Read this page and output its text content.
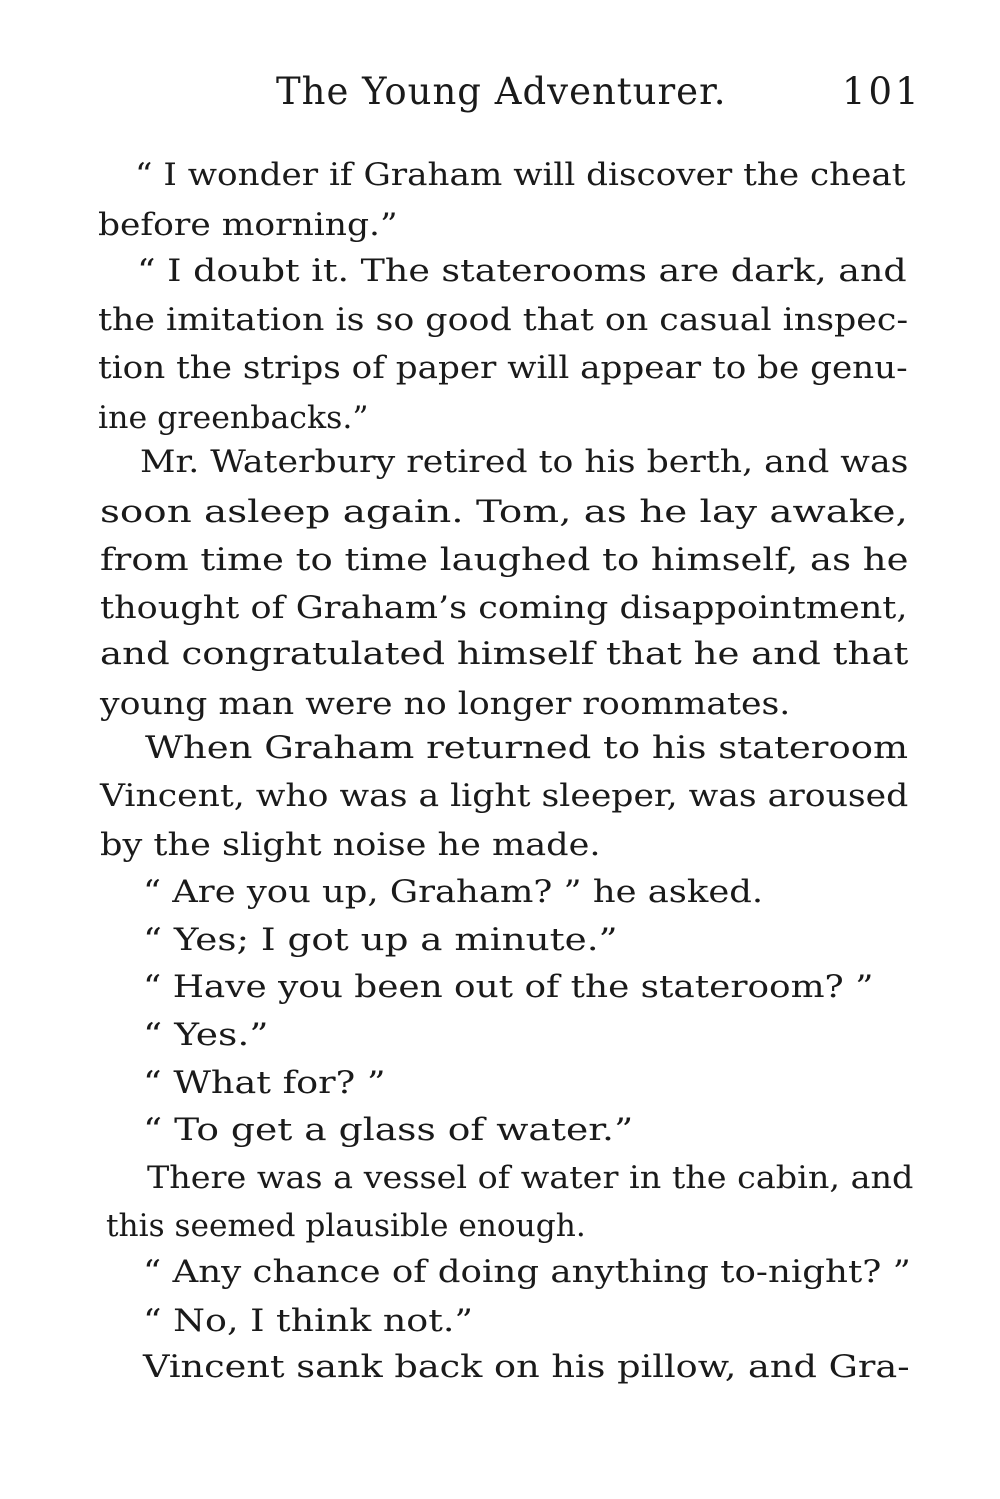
The Young Adventurer.	101
“ I wonder if Graham will discover the cheat
before morning.”
“ I doubt it. The staterooms are dark, and
the imitation is so good that on casual inspec-
tion the strips of paper will appear to be genu-
ine greenbacks.”
Mr. Waterbury retired to his berth, and was
soon asleep again. Tom, as he lay awake,
from time to time laughed to himself, as he
thought of Graham’s coming disappointment,
and congratulated himself that he and that
young man were no longer roommates.
When Graham returned to his stateroom
Vincent, who was a light sleeper, was aroused
by the slight noise he made.
“ Are you up, Graham? ” he asked.
“ Yes; I got up a minute.”
“ Have you been out of the stateroom? ”
“ Yes.”
“ What for? ”
“ To get a glass of water.”
There was a vessel of water in the cabin, and
this seemed plausible enough.
“ Any chance of doing anything to-night? ”
“ No, I think not.”
Vincent sank back on his pillow, and Gra-
